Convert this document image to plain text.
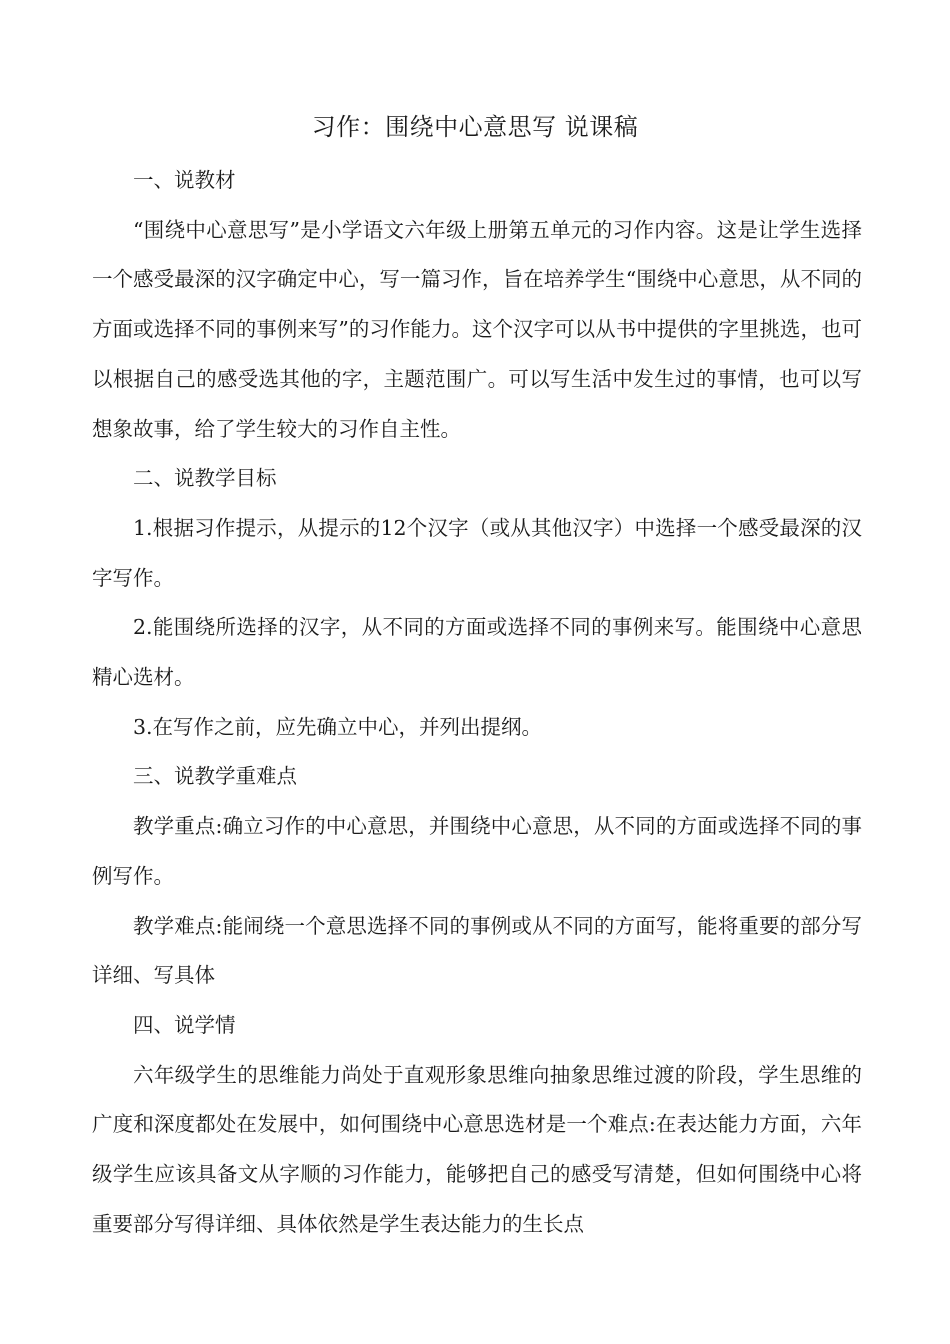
习作：围绕中心意思写 说课稿

一、说教材

“围绕中心意思写”是小学语文六年级上册第五单元的习作内容。这是让学生选择一个感受最深的汉字确定中心，写一篇习作，旨在培养学生“围绕中心意思，从不同的方面或选择不同的事例来写”的习作能力。这个汉字可以从书中提供的字里挑选，也可以根据自己的感受选其他的字，主题范围广。可以写生活中发生过的事情，也可以写想象故事，给了学生较大的习作自主性。

二、说教学目标

1.根据习作提示，从提示的12个汉字（或从其他汉字）中选择一个感受最深的汉字写作。

2.能围绕所选择的汉字，从不同的方面或选择不同的事例来写。能围绕中心意思精心选材。

3.在写作之前，应先确立中心，并列出提纲。

三、说教学重难点

教学重点:确立习作的中心意思，并围绕中心意思，从不同的方面或选择不同的事例写作。

教学难点:能闹绕一个意思选择不同的事例或从不同的方面写，能将重要的部分写详细、写具体

四、说学情

六年级学生的思维能力尚处于直观形象思维向抽象思维过渡的阶段，学生思维的广度和深度都处在发展中，如何围绕中心意思选材是一个难点:在表达能力方面，六年级学生应该具备文从字顺的习作能力，能够把自己的感受写清楚，但如何围绕中心将重要部分写得详细、具体依然是学生表达能力的生长点
